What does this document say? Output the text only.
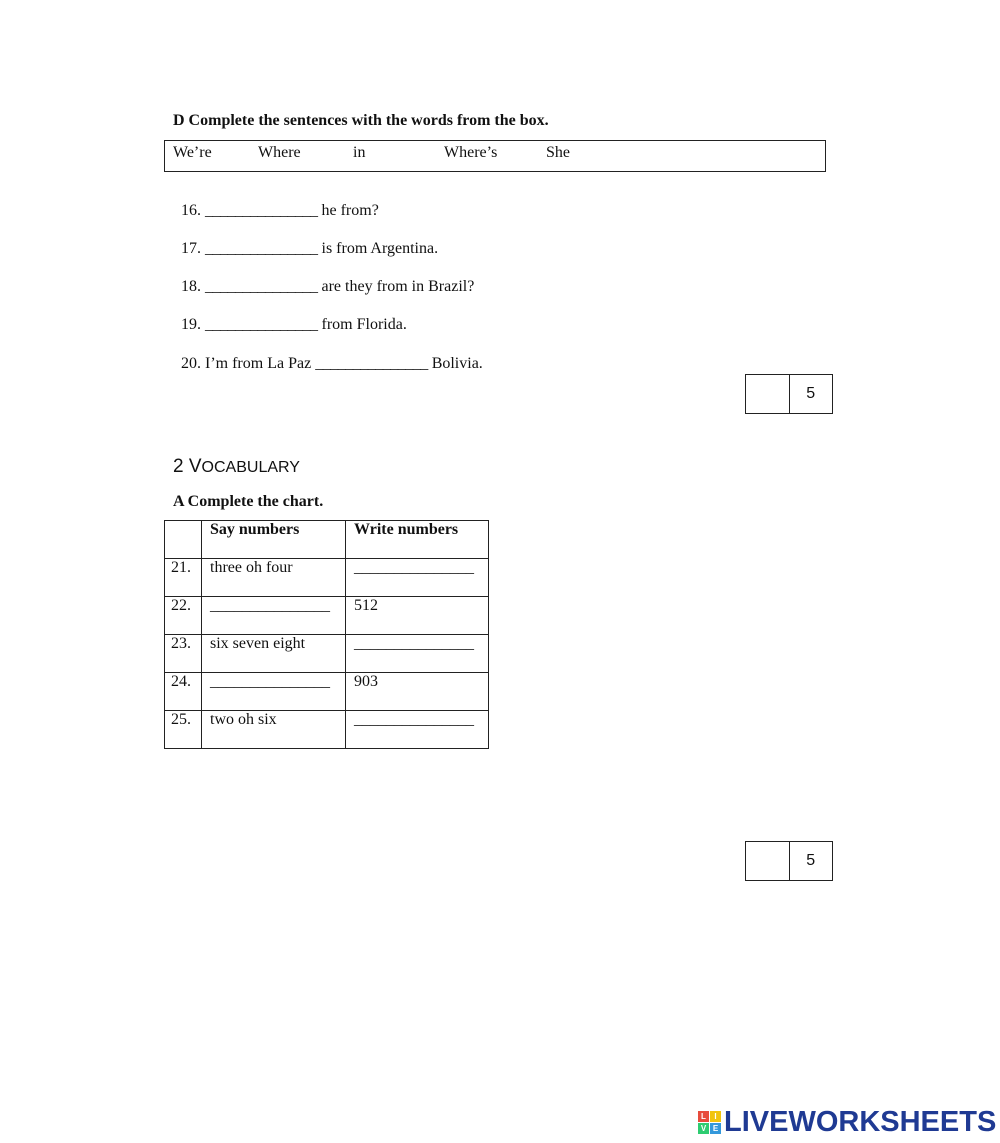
D Complete the sentences with the words from the box.
We’re	Where	in	Where’s	She

16. _______________ he from?

17. _______________ is from Argentina.

18. _______________ are they from in Brazil?

19. _______________ from Florida.

20. I’m from La Paz _______________ Bolivia.

5
2 VOCABULARY
A Complete the chart.
	Say numbers	Write numbers
21.	three oh four	_______________
22.	_______________	512
23.	six seven eight	_______________
24.	_______________	903
25.	two oh six	_______________
5
L	I
V E LIVEWORKSHEETS
